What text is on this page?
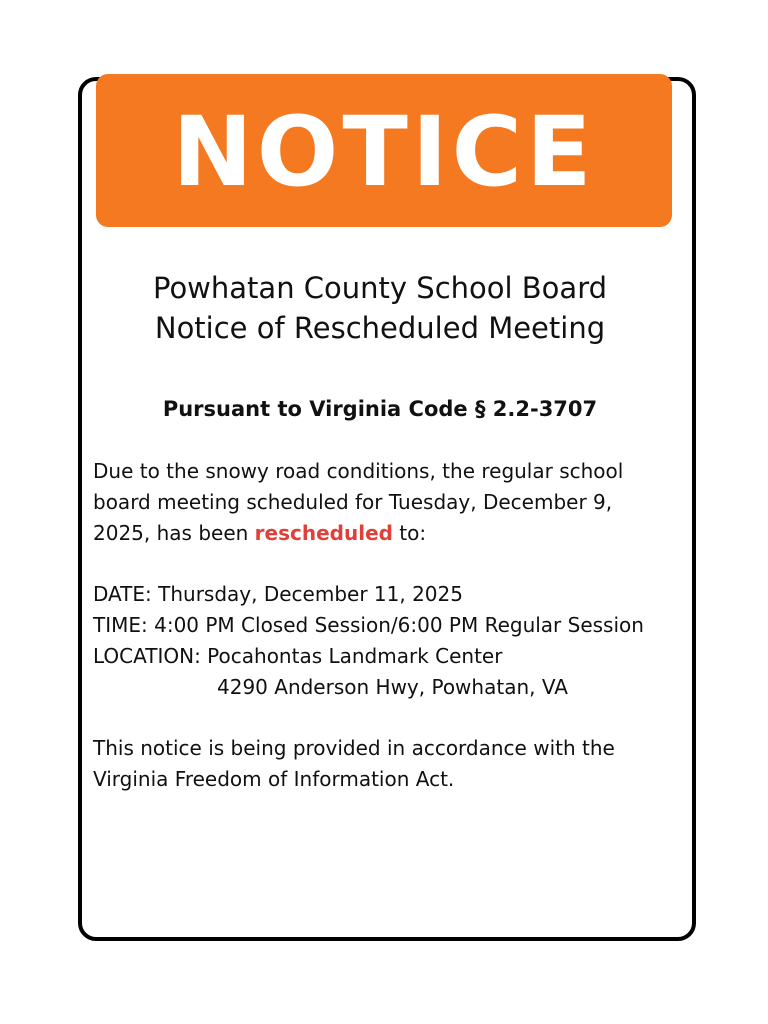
NOTICE
Powhatan County School Board
Notice of Rescheduled Meeting
Pursuant to Virginia Code § 2.2-3707
Due to the snowy road conditions, the regular school
board meeting scheduled for Tuesday, December 9,
2025, has been rescheduled to:
DATE: Thursday, December 11, 2025
TIME: 4:00 PM Closed Session/6:00 PM Regular Session
LOCATION: Pocahontas Landmark Center
4290 Anderson Hwy, Powhatan, VA
This notice is being provided in accordance with the
Virginia Freedom of Information Act.
